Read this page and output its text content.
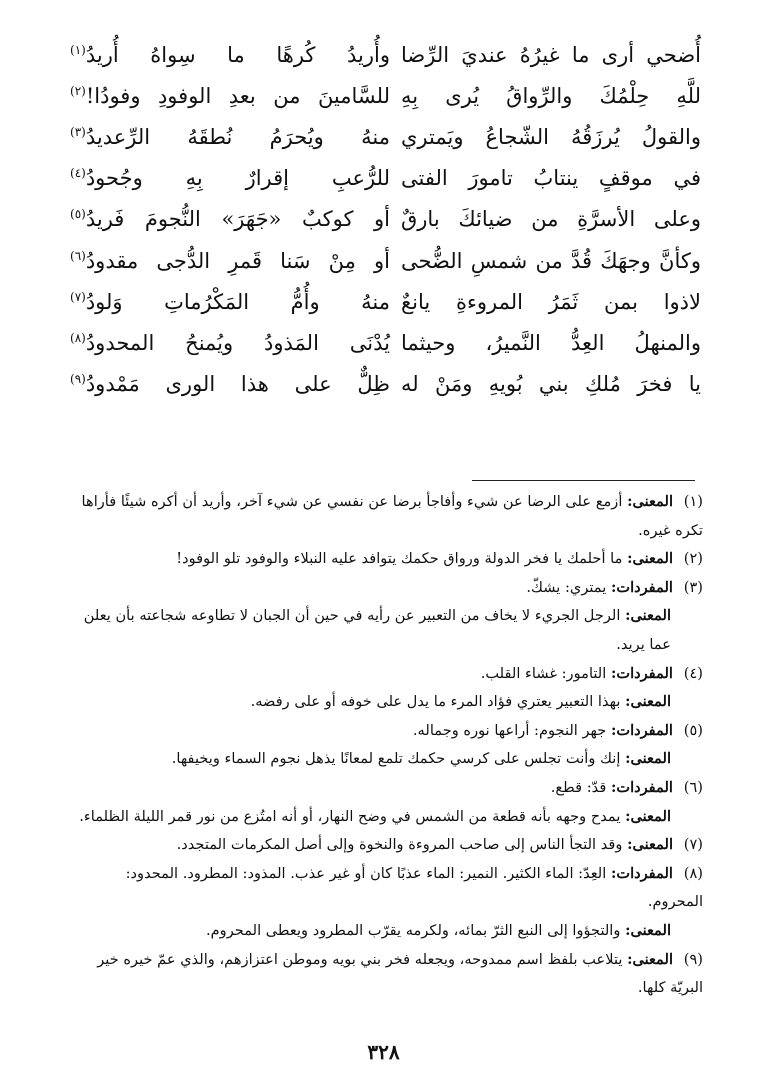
أُضحي أرى ما غيرُهُ عنديَ الرِّضا
وأُريدُ كُرهًا ما سِواهُ أُريدُ$^{(١)}$
للَّهِ حِلْمُكَ والرِّواقُ يُرى بِهِ
للسَّامينَ من بعدِ الوفودِ وفودُا!$^{(٢)}$
والقولُ يُرزَقُهُ الشّجاعُ ويَمتري
منهُ ويُحرَمُ نُطقَهُ الرِّعديدُ$^{(٣)}$
في موقفٍ ينتابُ تامورَ الفتى
للرُّعبِ إقرارٌ بِهِ وجُحودُ$^{(٤)}$
وعلى الأسرَّةِ من ضيائكَ بارقٌ
أو كوكبٌ «جَهَرَ» النُّجومَ فَريدُ$^{(٥)}$
وكأنَّ وجهَكَ قُدَّ من شمسِ الضُّحى
أو مِنْ سَنا قَمرِ الدُّجى مقدودُ$^{(٦)}$
لاذوا بمن ثَمَرُ المروءةِ يانعٌ
منهُ وأُمُّ المَكْرُماتِ وَلودُ$^{(٧)}$
والمنهلُ العِدُّ النَّميرُ، وحيثما
يُدْنَى المَذودُ ويُمنحُ المحدودُ$^{(٨)}$
يا فخرَ مُلكِ بني بُويهِ ومَنْ له
ظِلٌّ على هذا الورى مَمْدودُ$^{(٩)}$
(١)المعنى: أزمع على الرضا عن شيء وأفاجأ برضا عن نفسي عن شيء آخر، وأريد أن أكره شيئًا فأراها تكره غيره.
(٢)المعنى: ما أحلمك يا فخر الدولة ورواق حكمك يتوافد عليه النبلاء والوفود تلو الوفود!
(٣)المفردات: يمتري: يشكّ.
المعنى: الرجل الجريء لا يخاف من التعبير عن رأيه في حين أن الجبان لا تطاوعه شجاعته بأن يعلن عما يريد.
(٤)المفردات: التامور: غشاء القلب.
المعنى: بهذا التعبير يعتري فؤاد المرء ما يدل على خوفه أو على رفضه.
(٥)المفردات: جهر النجوم: أراعها نوره وجماله.
المعنى: إنك وأنت تجلس على كرسي حكمك تلمع لمعانًا يذهل نجوم السماء ويخيفها.
(٦)المفردات: قدّ: قطع.
المعنى: يمدح وجهه بأنه قطعة من الشمس في وضح النهار، أو أنه امتُزع من نور قمر الليلة الظلماء.
(٧)المعنى: وقد التجأ الناس إلى صاحب المروءة والنخوة وإلى أصل المكرمات المتجدد.
(٨)المفردات: العِدّ: الماء الكثير. النمير: الماء عذبًا كان أو غير عذب. المذود: المطرود. المحدود: المحروم.
المعنى: والتجؤوا إلى النبع الثرّ بمائه، ولكرمه يقرّب المطرود ويعطى المحروم.
(٩)المعنى: يتلاعب بلفظ اسم ممدوحه، ويجعله فخر بني بويه وموطن اعتزازهم، والذي عمّ خيره خير البريّة كلها.
٣٢٨
